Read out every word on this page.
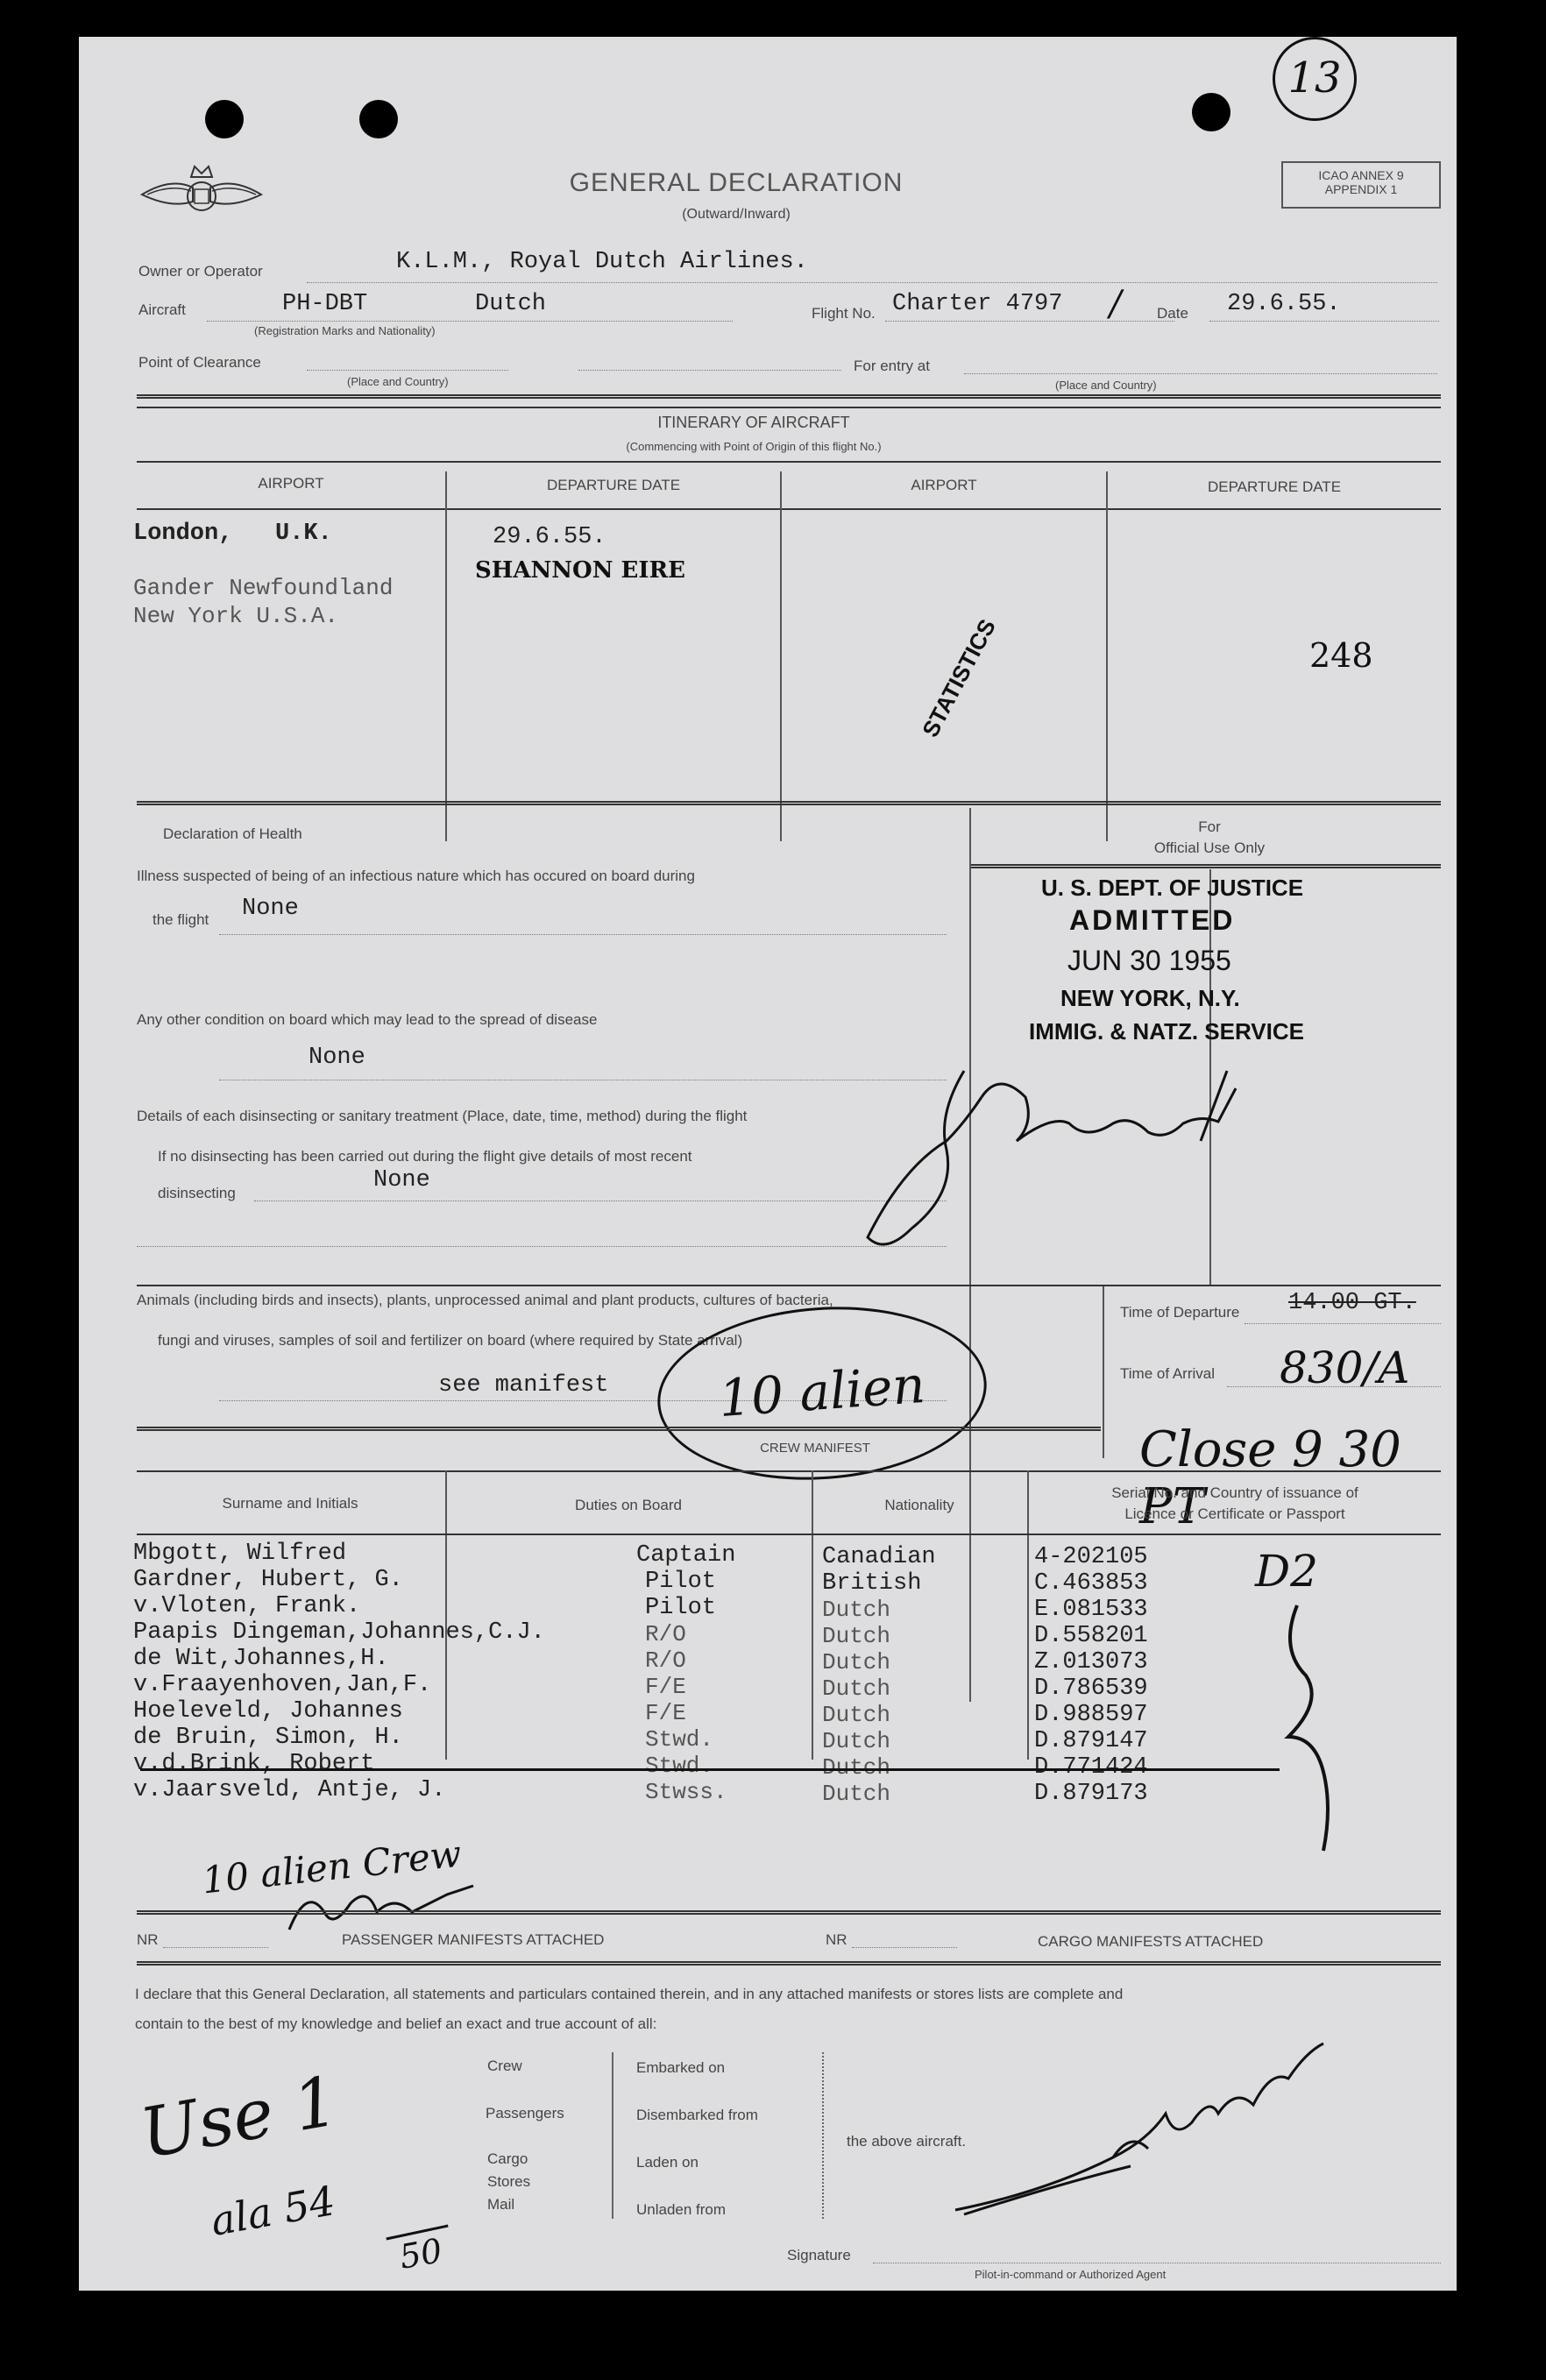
13
GENERAL DECLARATION
(Outward/Inward)
ICAO ANNEX 9
APPENDIX 1
Owner or Operator	K.L.M., Royal Dutch Airlines.
Aircraft	PH-DBT	Dutch
(Registration Marks and Nationality)
Flight No. Charter 4797 / Date 29.6.55.
Point of Clearance
(Place and Country)
For entry at
(Place and Country)
ITINERARY OF AIRCRAFT
(Commencing with Point of Origin of this flight No.)
AIRPORT	DEPARTURE DATE	AIRPORT	DEPARTURE DATE
London,   U.K.	29.6.55.
Gander Newfoundland
New York U.S.A.
SHANNON EIRE
248
STATISTICS
Declaration of Health
Illness suspected of being of an infectious nature which has occured on board during
the flight None
Any other condition on board which may lead to the spread of disease
None
Details of each disinsecting or sanitary treatment (Place, date, time, method) during the flight
If no disinsecting has been carried out during the flight give details of most recent
disinsecting	None
For
Official Use Only
U. S. DEPT. OF JUSTICE
ADMITTED
JUN 30 1955
NEW YORK, N.Y.
IMMIG. & NATZ. SERVICE
Animals (including birds and insects), plants, unprocessed animal and plant products, cultures of bacteria,
fungi and viruses, samples of soil and fertilizer on board (where required by State arrival)
see manifest	10 alien
Time of Departure 14.00 GT.
Time of Arrival 830/A
CREW MANIFEST	Close 9 30 PT
Surname and Initials	Duties on Board	Nationality
Serial No. and Country of issuance of
Licence or Certificate or Passport
Mbgott, Wilfred	Captain	Canadian	4-202105
Gardner, Hubert, G.	Pilot	British	C.463853
v.Vloten, Frank.	Pilot	Dutch	E.081533
Paapis Dingeman,Johannes,C.J.	R/O	Dutch	D.558201
de Wit,Johannes,H.	R/O	Dutch	Z.013073
v.Fraayenhoven,Jan,F.	F/E	Dutch	D.786539
Hoeleveld, Johannes	F/E	Dutch	D.988597
de Bruin, Simon, H.	Stwd.	Dutch	D.879147
v.d.Brink, Robert	Stwd.	Dutch	D.771424
v.Jaarsveld, Antje, J.	Stwss.	Dutch	D.879173
D2
10 alien Crew
NR	PASSENGER MANIFESTS ATTACHED	NR	CARGO MANIFESTS ATTACHED
I declare that this General Declaration, all statements and particulars contained therein, and in any attached manifests or stores lists are complete and
contain to the best of my knowledge and belief an exact and true account of all:
Crew
Passengers
Cargo
Stores
Mail
Embarked on
Disembarked from
Laden on
Unladen from
the above aircraft.
Signature
Pilot-in-command or Authorized Agent
Use 1
ala 54
50
